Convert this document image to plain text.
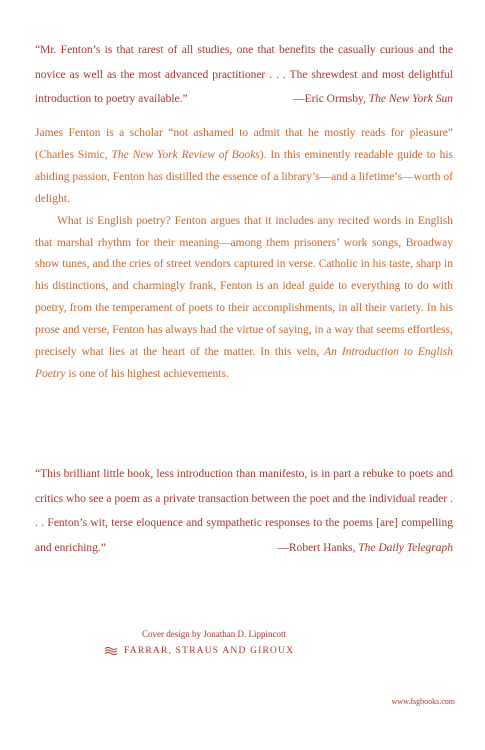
“Mr. Fenton’s is that rarest of all studies, one that benefits the casually curious and the novice as well as the most advanced practitioner . . . The shrewdest and most delightful introduction to poetry available.”	—Eric Ormsby, The New York Sun

James Fenton is a scholar “not ashamed to admit that he mostly reads for pleasure” (Charles Simic, The New York Review of Books). In this eminently readable guide to his abiding passion, Fenton has distilled the essence of a library’s—and a lifetime’s—worth of delight.

What is English poetry? Fenton argues that it includes any recited words in English that marshal rhythm for their meaning—among them prisoners’ work songs, Broadway show tunes, and the cries of street vendors captured in verse. Catholic in his taste, sharp in his distinctions, and charmingly frank, Fenton is an ideal guide to everything to do with poetry, from the temperament of poets to their accomplishments, in all their variety. In his prose and verse, Fenton has always had the virtue of saying, in a way that seems effortless, precisely what lies at the heart of the matter. In this vein, An Introduction to English Poetry is one of his highest achievements.

“This brilliant little book, less introduction than manifesto, is in part a rebuke to poets and critics who see a poem as a private transaction between the poet and the individual reader . . . Fenton’s wit, terse eloquence and sympathetic responses to the poems [are] compelling and enriching.”	—Robert Hanks, The Daily Telegraph
Cover design by Jonathan D. Lippincott
FARRAR, STRAUS AND GIROUX
www.fsgbooks.com
